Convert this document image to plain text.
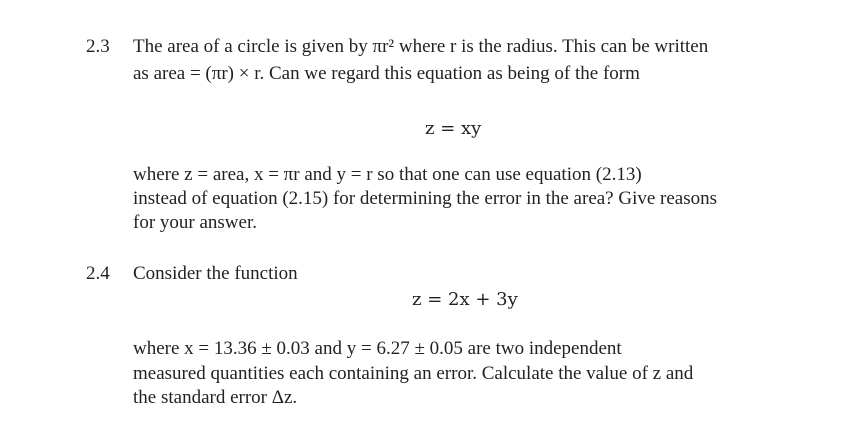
2.3 The area of a circle is given by πr² where r is the radius. This can be written
as area = (πr) × r. Can we regard this equation as being of the form
z = xy
where z = area, x = πr and y = r so that one can use equation (2.13)
instead of equation (2.15) for determining the error in the area? Give reasons
for your answer.
2.4 Consider the function
z = 2x + 3y
where x = 13.36 ± 0.03 and y = 6.27 ± 0.05 are two independent
measured quantities each containing an error. Calculate the value of z and
the standard error Δz.
